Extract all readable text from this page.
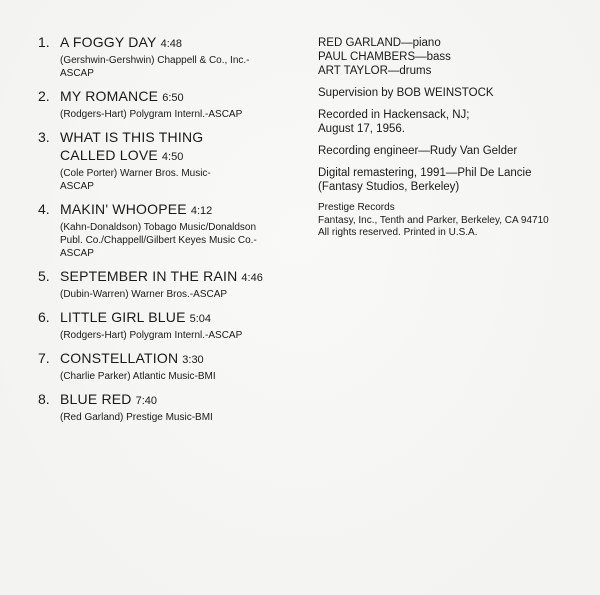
1. A FOGGY DAY 4:48
(Gershwin-Gershwin) Chappell & Co., Inc.-ASCAP
2. MY ROMANCE 6:50
(Rodgers-Hart) Polygram Internl.-ASCAP
3. WHAT IS THIS THING CALLED LOVE 4:50
(Cole Porter) Warner Bros. Music-ASCAP
4. MAKIN' WHOOPEE 4:12
(Kahn-Donaldson) Tobago Music/Donaldson Publ. Co./Chappell/Gilbert Keyes Music Co.-ASCAP
5. SEPTEMBER IN THE RAIN 4:46
(Dubin-Warren) Warner Bros.-ASCAP
6. LITTLE GIRL BLUE 5:04
(Rodgers-Hart) Polygram Internl.-ASCAP
7. CONSTELLATION 3:30
(Charlie Parker) Atlantic Music-BMI
8. BLUE RED 7:40
(Red Garland) Prestige Music-BMI
RED GARLAND—piano
PAUL CHAMBERS—bass
ART TAYLOR—drums

Supervision by BOB WEINSTOCK

Recorded in Hackensack, NJ;
August 17, 1956.

Recording engineer—Rudy Van Gelder

Digital remastering, 1991—Phil De Lancie
(Fantasy Studios, Berkeley)

Prestige Records
Fantasy, Inc., Tenth and Parker, Berkeley, CA 94710
All rights reserved. Printed in U.S.A.
